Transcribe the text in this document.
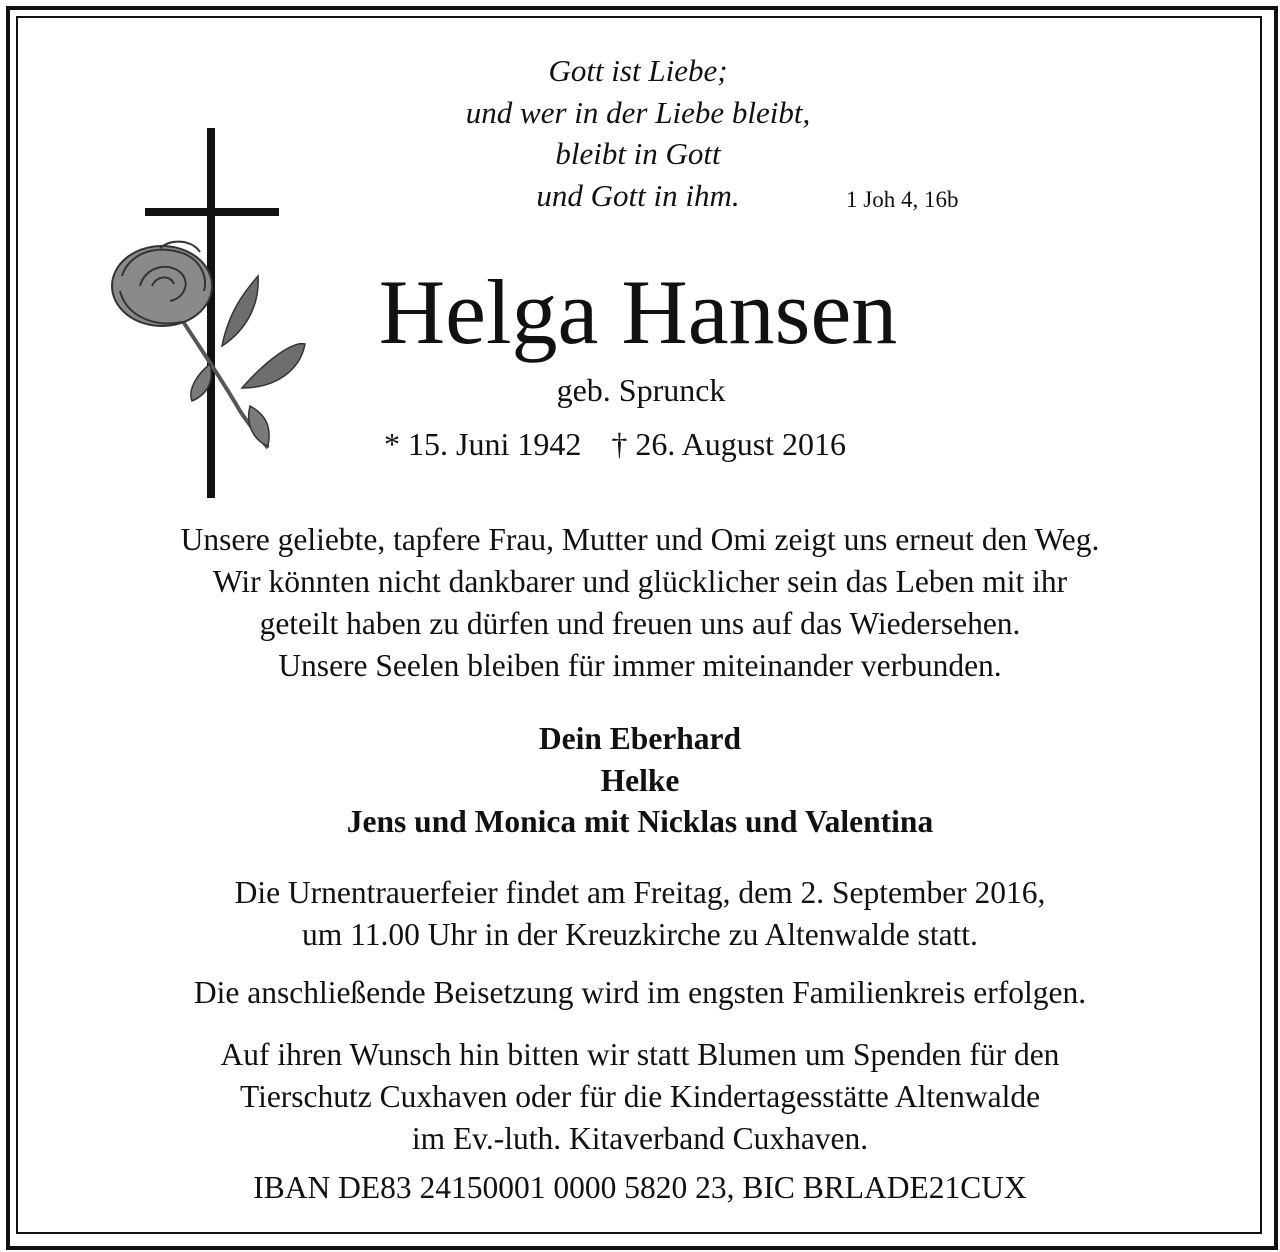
Gott ist Liebe;
und wer in der Liebe bleibt,
bleibt in Gott
und Gott in ihm.	1 Joh 4, 16b
Helga Hansen
geb. Sprunck
* 15. Juni 1942 † 26. August 2016
Unsere geliebte, tapfere Frau, Mutter und Omi zeigt uns erneut den Weg.
Wir könnten nicht dankbarer und glücklicher sein das Leben mit ihr
geteilt haben zu dürfen und freuen uns auf das Wiedersehen.
Unsere Seelen bleiben für immer miteinander verbunden.
Dein Eberhard
Helke
Jens und Monica mit Nicklas und Valentina
Die Urnentrauerfeier findet am Freitag, dem 2. September 2016,
um 11.00 Uhr in der Kreuzkirche zu Altenwalde statt.
Die anschließende Beisetzung wird im engsten Familienkreis erfolgen.
Auf ihren Wunsch hin bitten wir statt Blumen um Spenden für den
Tierschutz Cuxhaven oder für die Kindertagesstätte Altenwalde
im Ev.-luth. Kitaverband Cuxhaven.
IBAN DE83 24150001 0000 5820 23, BIC BRLADE21CUX
